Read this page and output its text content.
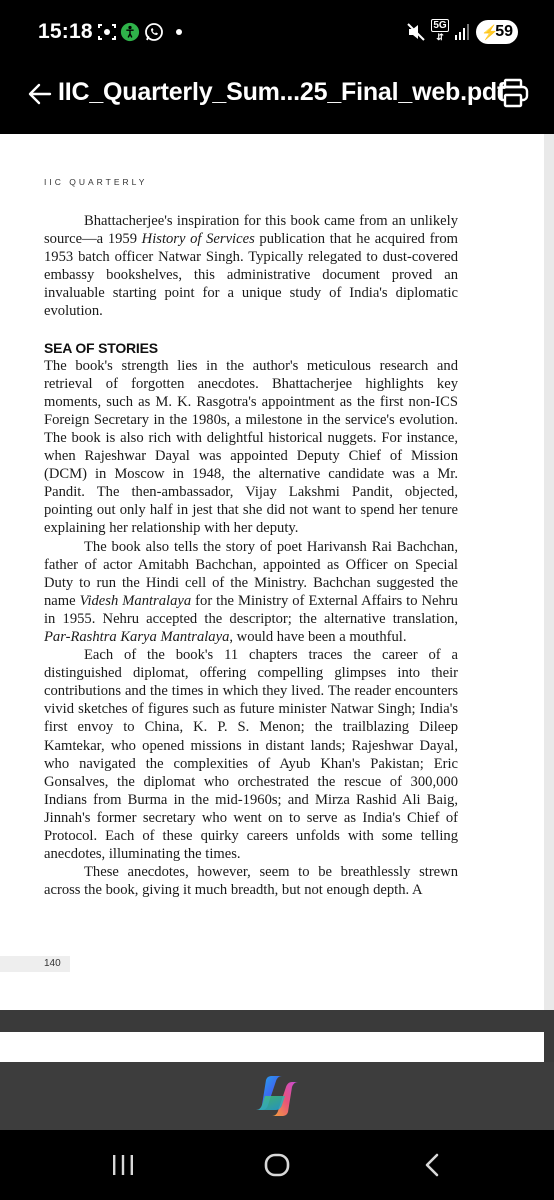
15:18	5G
⇵	⚡
59
IIC_Quarterly_Sum...25_Final_web.pdf
IIC QUARTERLY

Bhattacherjee's inspiration for this book came from an unlikely source—a 1959 History of Services publication that he acquired from 1953 batch officer Natwar Singh. Typically relegated to dust-covered embassy bookshelves, this administrative document proved an invaluable starting point for a unique study of India's diplomatic evolution.

SEA OF STORIES

The book's strength lies in the author's meticulous research and retrieval of forgotten anecdotes. Bhattacherjee highlights key moments, such as M. K. Rasgotra's appointment as the first non-ICS Foreign Secretary in the 1980s, a milestone in the service's evolution. The book is also rich with delightful historical nuggets. For instance, when Rajeshwar Dayal was appointed Deputy Chief of Mission (DCM) in Moscow in 1948, the alternative candidate was a Mr. Pandit. The then-ambassador, Vijay Lakshmi Pandit, objected, pointing out only half in jest that she did not want to spend her tenure explaining her relationship with her deputy.

The book also tells the story of poet Harivansh Rai Bachchan, father of actor Amitabh Bachchan, appointed as Officer on Special Duty to run the Hindi cell of the Ministry. Bachchan suggested the name Videsh Mantralaya for the Ministry of External Affairs to Nehru in 1955. Nehru accepted the descriptor; the alternative translation, Par-Rashtra Karya Mantralaya, would have been a mouthful.

Each of the book's 11 chapters traces the career of a distinguished diplomat, offering compelling glimpses into their contributions and the times in which they lived. The reader encounters vivid sketches of figures such as future minister Natwar Singh; India's first envoy to China, K. P. S. Menon; the trailblazing Dileep Kamtekar, who opened missions in distant lands; Rajeshwar Dayal, who navigated the complexities of Ayub Khan's Pakistan; Eric Gonsalves, the diplomat who orchestrated the rescue of 300,000 Indians from Burma in the mid-1960s; and Mirza Rashid Ali Baig, Jinnah's former secretary who went on to serve as India's Chief of Protocol. Each of these quirky careers unfolds with some telling anecdotes, illuminating the times.

These anecdotes, however, seem to be breathlessly strewn across the book, giving it much breadth, but not enough depth. A

140
